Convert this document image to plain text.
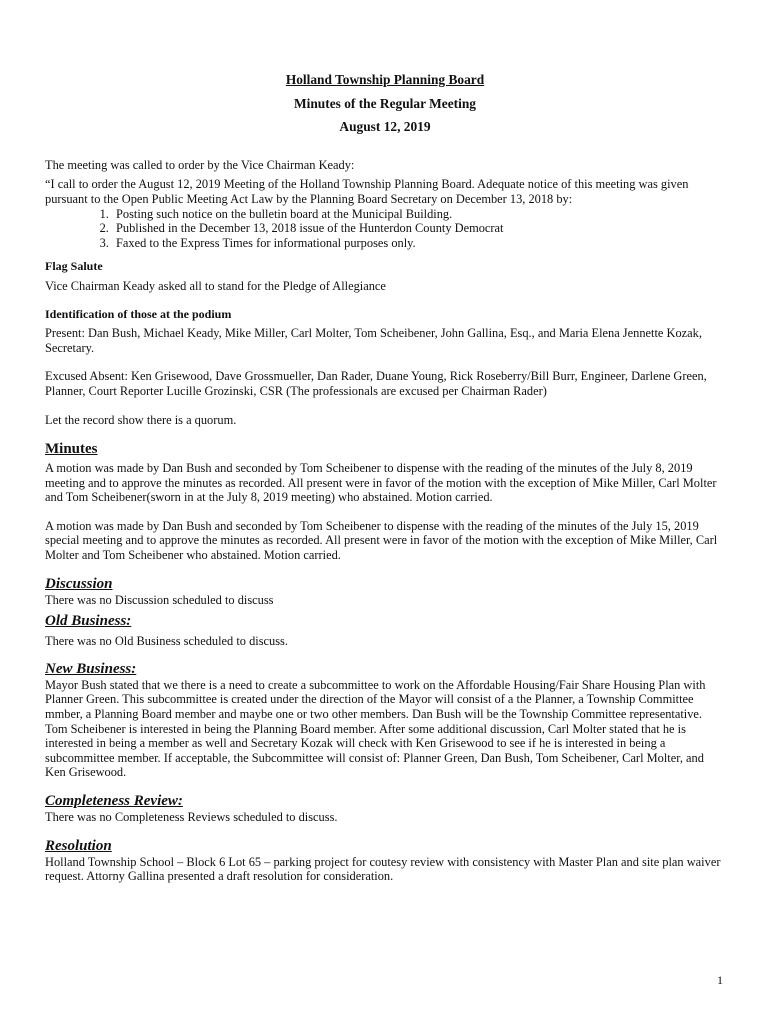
Holland Township Planning Board
Minutes of the Regular Meeting
August 12, 2019

The meeting was called to order by the Vice Chairman Keady:

“I call to order the August 12, 2019 Meeting of the Holland Township Planning Board. Adequate notice of this meeting was given pursuant to the Open Public Meeting Act Law by the Planning Board Secretary on December 13, 2018 by:

1. Posting such notice on the bulletin board at the Municipal Building.
2. Published in the December 13, 2018 issue of the Hunterdon County Democrat
3. Faxed to the Express Times for informational purposes only.

Flag Salute

Vice Chairman Keady asked all to stand for the Pledge of Allegiance

Identification of those at the podium

Present: Dan Bush, Michael Keady, Mike Miller, Carl Molter, Tom Scheibener, John Gallina, Esq., and Maria Elena Jennette Kozak, Secretary.

Excused Absent: Ken Grisewood, Dave Grossmueller, Dan Rader, Duane Young, Rick Roseberry/Bill Burr, Engineer, Darlene Green, Planner, Court Reporter Lucille Grozinski, CSR (The professionals are excused per Chairman Rader)

Let the record show there is a quorum.

Minutes

A motion was made by Dan Bush and seconded by Tom Scheibener to dispense with the reading of the minutes of the July 8, 2019 meeting and to approve the minutes as recorded. All present were in favor of the motion with the exception of Mike Miller, Carl Molter and Tom Scheibener(sworn in at the July 8, 2019 meeting) who abstained. Motion carried.

A motion was made by Dan Bush and seconded by Tom Scheibener to dispense with the reading of the minutes of the July 15, 2019 special meeting and to approve the minutes as recorded. All present were in favor of the motion with the exception of Mike Miller, Carl Molter and Tom Scheibener who abstained. Motion carried.

Discussion

There was no Discussion scheduled to discuss

Old Business:

There was no Old Business scheduled to discuss.

New Business:

Mayor Bush stated that we there is a need to create a subcommittee to work on the Affordable Housing/Fair Share Housing Plan with Planner Green. This subcommittee is created under the direction of the Mayor will consist of a the Planner, a Township Committee mmber, a Planning Board member and maybe one or two other members. Dan Bush will be the Township Committee representative. Tom Scheibener is interested in being the Planning Board member. After some additional discussion, Carl Molter stated that he is interested in being a member as well and Secretary Kozak will check with Ken Grisewood to see if he is interested in being a subcommittee member. If acceptable, the Subcommittee will consist of: Planner Green, Dan Bush, Tom Scheibener, Carl Molter, and Ken Grisewood.

Completeness Review:

There was no Completeness Reviews scheduled to discuss.

Resolution

Holland Township School – Block 6 Lot 65 – parking project for coutesy review with consistency with Master Plan and site plan waiver request. Attorny Gallina presented a draft resolution for consideration.

1
